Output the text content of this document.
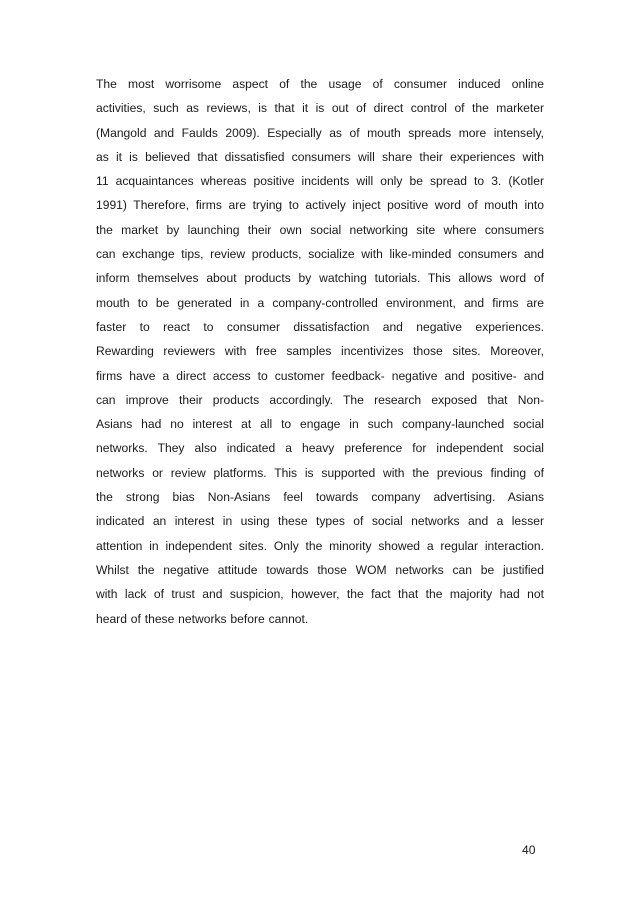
The most worrisome aspect of the usage of consumer induced online
activities, such as reviews, is that it is out of direct control of the marketer
(Mangold and Faulds 2009). Especially as of mouth spreads more intensely,
as it is believed that dissatisfied consumers will share their experiences with
11 acquaintances whereas positive incidents will only be spread to 3. (Kotler
1991) Therefore, firms are trying to actively inject positive word of mouth into
the market by launching their own social networking site where consumers
can exchange tips, review products, socialize with like-minded consumers and
inform themselves about products by watching tutorials. This allows word of
mouth to be generated in a company-controlled environment, and firms are
faster to react to consumer dissatisfaction and negative experiences.
Rewarding reviewers with free samples incentivizes those sites. Moreover,
firms have a direct access to customer feedback- negative and positive- and
can improve their products accordingly. The research exposed that Non-
Asians had no interest at all to engage in such company-launched social
networks. They also indicated a heavy preference for independent social
networks or review platforms. This is supported with the previous finding of
the strong bias Non-Asians feel towards company advertising. Asians
indicated an interest in using these types of social networks and a lesser
attention in independent sites. Only the minority showed a regular interaction.
Whilst the negative attitude towards those WOM networks can be justified
with lack of trust and suspicion, however, the fact that the majority had not
heard of these networks before cannot.

40
